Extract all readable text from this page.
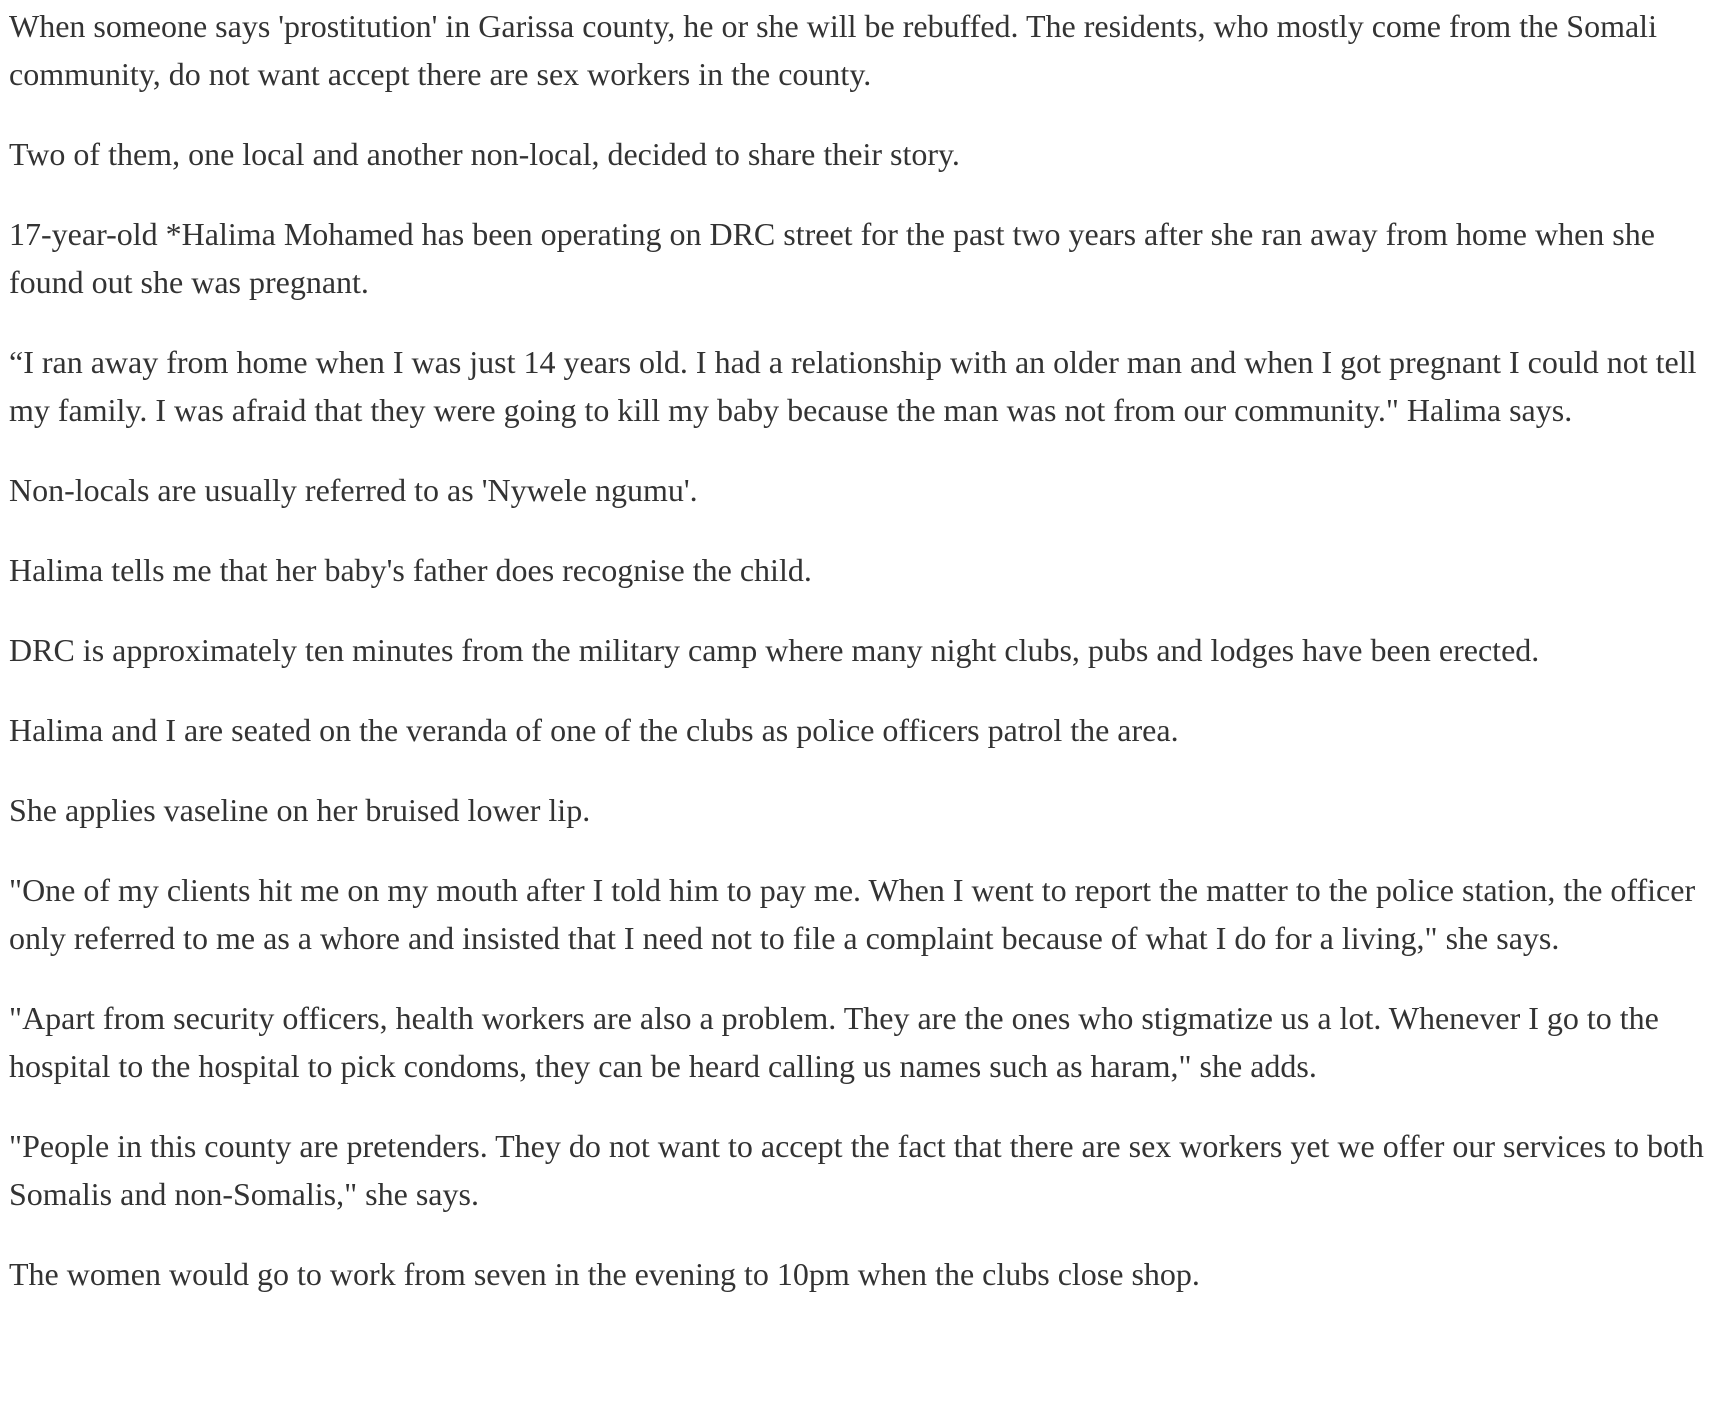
When someone says 'prostitution' in Garissa county, he or she will be rebuffed. The residents, who mostly come from the Somali community, do not want accept there are sex workers in the county.

Two of them, one local and another non-local, decided to share their story.

17-year-old *Halima Mohamed has been operating on DRC street for the past two years after she ran away from home when she found out she was pregnant.

“I ran away from home when I was just 14 years old. I had a relationship with an older man and when I got pregnant I could not tell my family. I was afraid that they were going to kill my baby because the man was not from our community." Halima says.

Non-locals are usually referred to as 'Nywele ngumu'.

Halima tells me that her baby's father does recognise the child.

DRC is approximately ten minutes from the military camp where many night clubs, pubs and lodges have been erected.

Halima and I are seated on the veranda of one of the clubs as police officers patrol the area.

She applies vaseline on her bruised lower lip.

"One of my clients hit me on my mouth after I told him to pay me. When I went to report the matter to the police station, the officer only referred to me as a whore and insisted that I need not to file a complaint because of what I do for a living," she says.

"Apart from security officers, health workers are also a problem. They are the ones who stigmatize us a lot. Whenever I go to the hospital to the hospital to pick condoms, they can be heard calling us names such as haram," she adds.

"People in this county are pretenders. They do not want to accept the fact that there are sex workers yet we offer our services to both Somalis and non-Somalis," she says.

The women would go to work from seven in the evening to 10pm when the clubs close shop.
